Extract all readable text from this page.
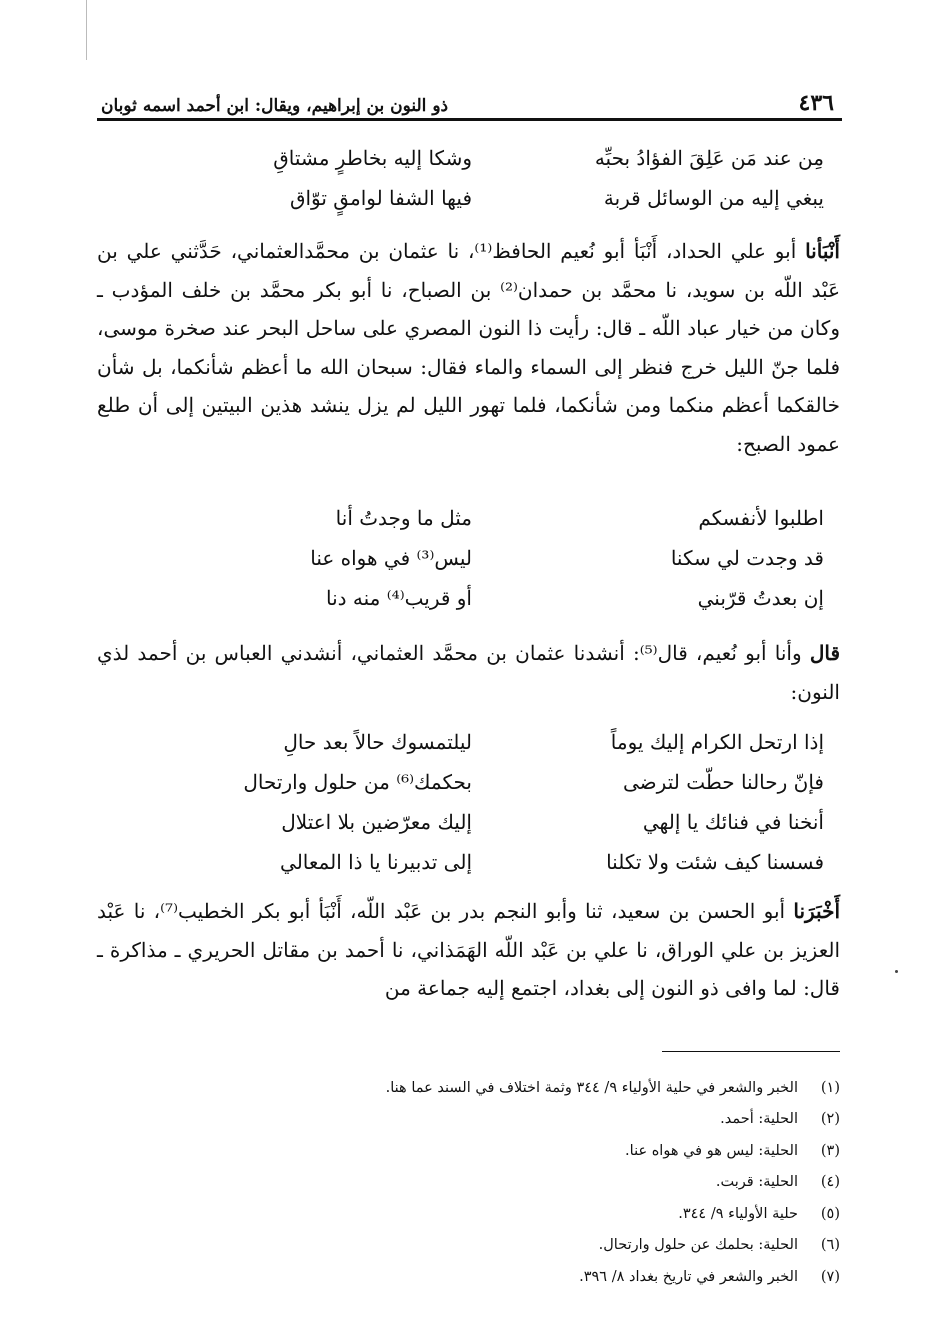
٤٣٦
ذو النون بن إبراهيم، ويقال: ابن أحمد اسمه ثوبان
مِن عند مَن عَلِقَ الفؤادُ بحبِّه
وشكا إليه بخاطرٍ مشتاقِ
يبغي إليه من الوسائل قربة
فيها الشفا لوامقٍ توّاق

أَنْبَأنا أبو علي الحداد، أَنْبَأ أبو نُعيم الحافظ⁽¹⁾، نا عثمان بن محمَّدالعثماني، حَدَّثني علي بن عَبْد اللّه بن سويد، نا محمَّد بن حمدان⁽²⁾ بن الصباح، نا أبو بكر محمَّد بن خلف المؤدب ـ وكان من خيار عباد اللّه ـ قال: رأيت ذا النون المصري على ساحل البحر عند صخرة موسى، فلما جنّ الليل خرج فنظر إلى السماء والماء فقال: سبحان الله ما أعظم شأنكما، بل شأن خالقكما أعظم منكما ومن شأنكما، فلما تهور الليل لم يزل ينشد هذين البيتين إلى أن طلع عمود الصبح:

اطلبوا لأنفسكم
مثل ما وجدتُ أنا
قد وجدت لي سكنا
ليس⁽³⁾ في هواه عنا
إن بعدتُ قرّبني
أو قريب⁽⁴⁾ منه دنا

قال وأنا أبو نُعيم، قال⁽⁵⁾: أنشدنا عثمان بن محمَّد العثماني، أنشدني العباس بن أحمد لذي النون:

إذا ارتحل الكرام إليك يوماً
ليلتمسوك حالاً بعد حالِ
فإنّ رحالنا حطّت لترضى
بحكمك⁽⁶⁾ من حلول وارتحال
أنخنا في فنائك يا إلهي
إليك معرّضين بلا اعتلال
فسسنا كيف شئت ولا تكلنا
إلى تدبيرنا يا ذا المعالي

أَخْبَرَنا أبو الحسن بن سعيد، ثنا وأبو النجم بدر بن عَبْد اللّه، أَنْبَأ أبو بكر الخطيب⁽⁷⁾، نا عَبْد العزيز بن علي الوراق، نا علي بن عَبْد اللّه الهَمَذاني، نا أحمد بن مقاتل الحريري ـ مذاكرة ـ قال: لما وافى ذو النون إلى بغداد، اجتمع إليه جماعة من

(١)
الخبر والشعر في حلية الأولياء ٩/ ٣٤٤ وثمة اختلاف في السند عما هنا.
(٢)
الحلية: أحمد.
(٣)
الحلية: ليس هو في هواه عنا.
(٤)
الحلية: قربت.
(٥)
حلية الأولياء ٩/ ٣٤٤.
(٦)
الحلية: بحلمك عن حلول وارتحال.
(٧)
الخبر والشعر في تاريخ بغداد ٨/ ٣٩٦.
